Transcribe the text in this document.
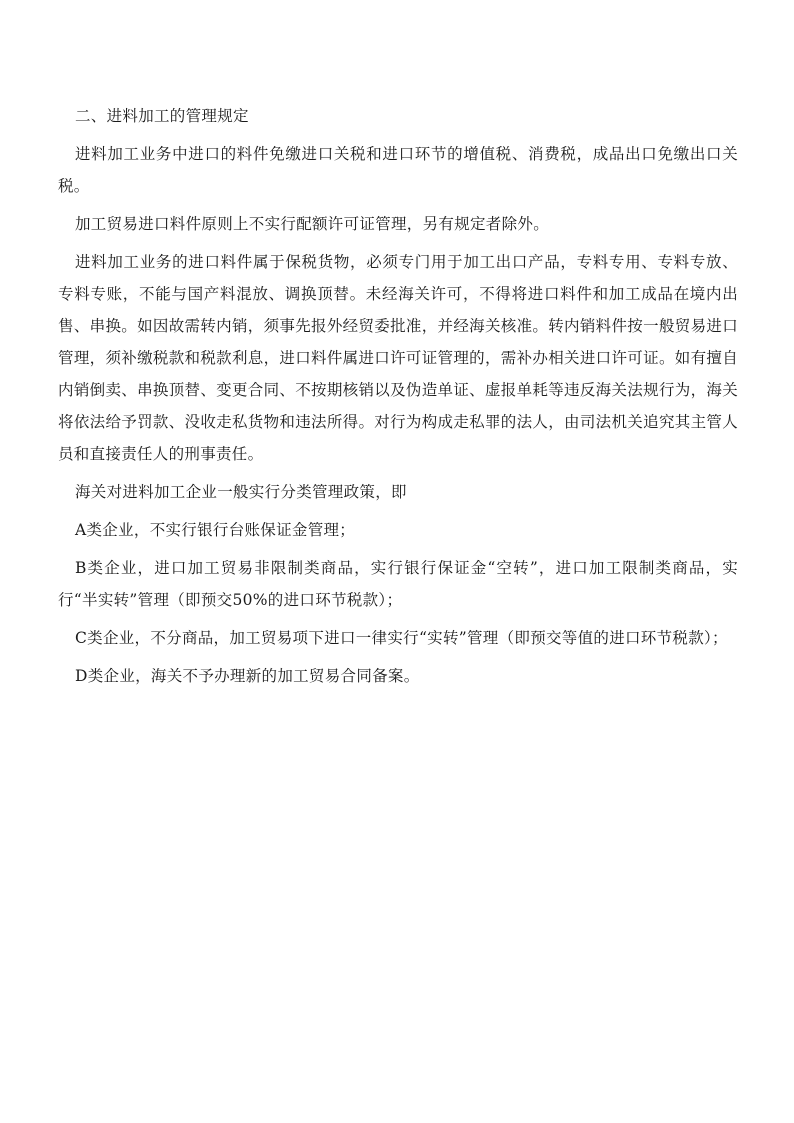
二、进料加工的管理规定

进料加工业务中进口的料件免缴进口关税和进口环节的增值税、消费税，成品出口免缴出口关税。

加工贸易进口料件原则上不实行配额许可证管理，另有规定者除外。

进料加工业务的进口料件属于保税货物，必须专门用于加工出口产品，专料专用、专料专放、专料专账，不能与国产料混放、调换顶替。未经海关许可，不得将进口料件和加工成品在境内出售、串换。如因故需转内销，须事先报外经贸委批准，并经海关核准。转内销料件按一般贸易进口管理，须补缴税款和税款利息，进口料件属进口许可证管理的，需补办相关进口许可证。如有擅自内销倒卖、串换顶替、变更合同、不按期核销以及伪造单证、虚报单耗等违反海关法规行为，海关将依法给予罚款、没收走私货物和违法所得。对行为构成走私罪的法人，由司法机关追究其主管人员和直接责任人的刑事责任。

海关对进料加工企业一般实行分类管理政策，即

A类企业，不实行银行台账保证金管理；

B类企业，进口加工贸易非限制类商品，实行银行保证金“空转”，进口加工限制类商品，实行“半实转”管理（即预交50%的进口环节税款）；

C类企业，不分商品，加工贸易项下进口一律实行“实转”管理（即预交等值的进口环节税款）；

D类企业，海关不予办理新的加工贸易合同备案。
